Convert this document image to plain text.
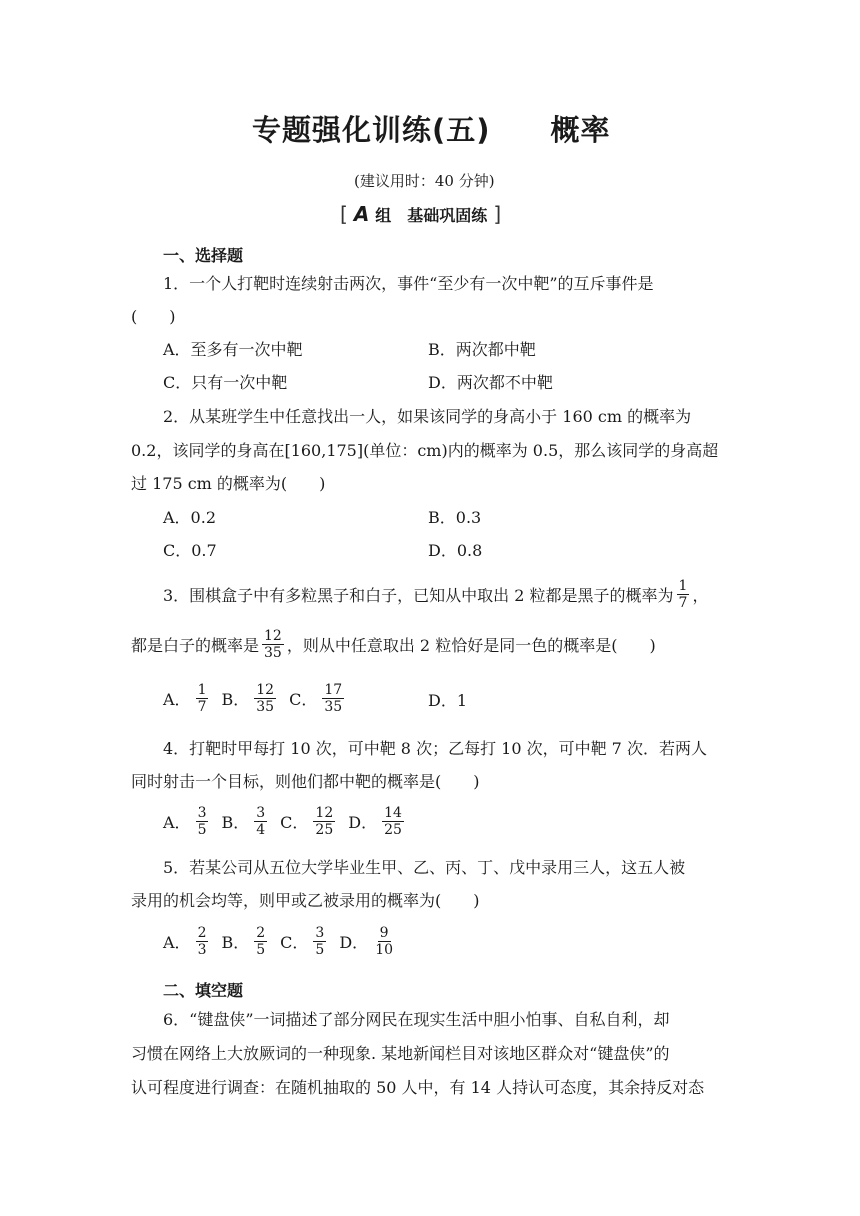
专题强化训练(五)　　概率
(建议用时：40 分钟)
[ A 组　基础巩固练 ]
一、选择题
1．一个人打靶时连续射击两次，事件“至少有一次中靶”的互斥事件是
(　　)
A．至多有一次中靶	B．两次都中靶
C．只有一次中靶	D．两次都不中靶
2．从某班学生中任意找出一人，如果该同学的身高小于 160 cm 的概率为
0.2，该同学的身高在[160,175](单位：cm)内的概率为 0.5，那么该同学的身高超
过 175 cm 的概率为(　　)
A．0.2	B．0.3
C．0.7	D．0.8
3．围棋盒子中有多粒黑子和白子，已知从中取出 2 粒都是黑子的概率为 $\frac{1}{7}$ ，
都是白子的概率是 $\frac{12}{35}$ ，则从中任意取出 2 粒恰好是同一色的概率是(　　)
A． $\frac{1}{7}$ B． $\frac{12}{35}$ C． $\frac{17}{35}$	D．1
4．打靶时甲每打 10 次，可中靶 8 次；乙每打 10 次，可中靶 7 次．若两人
同时射击一个目标，则他们都中靶的概率是(　　)
A． $\frac{3}{5}$ B． $\frac{3}{4}$ C． $\frac{12}{25}$ D． $\frac{14}{25}$
5．若某公司从五位大学毕业生甲、乙、丙、丁、戊中录用三人，这五人被
录用的机会均等，则甲或乙被录用的概率为(　　)
A． $\frac{2}{3}$ B． $\frac{2}{5}$ C． $\frac{3}{5}$ D． $\frac{9}{10}$
二、填空题
6．“键盘侠”一词描述了部分网民在现实生活中胆小怕事、自私自利，却
习惯在网络上大放厥词的一种现象. 某地新闻栏目对该地区群众对“键盘侠”的
认可程度进行调查：在随机抽取的 50 人中，有 14 人持认可态度，其余持反对态
